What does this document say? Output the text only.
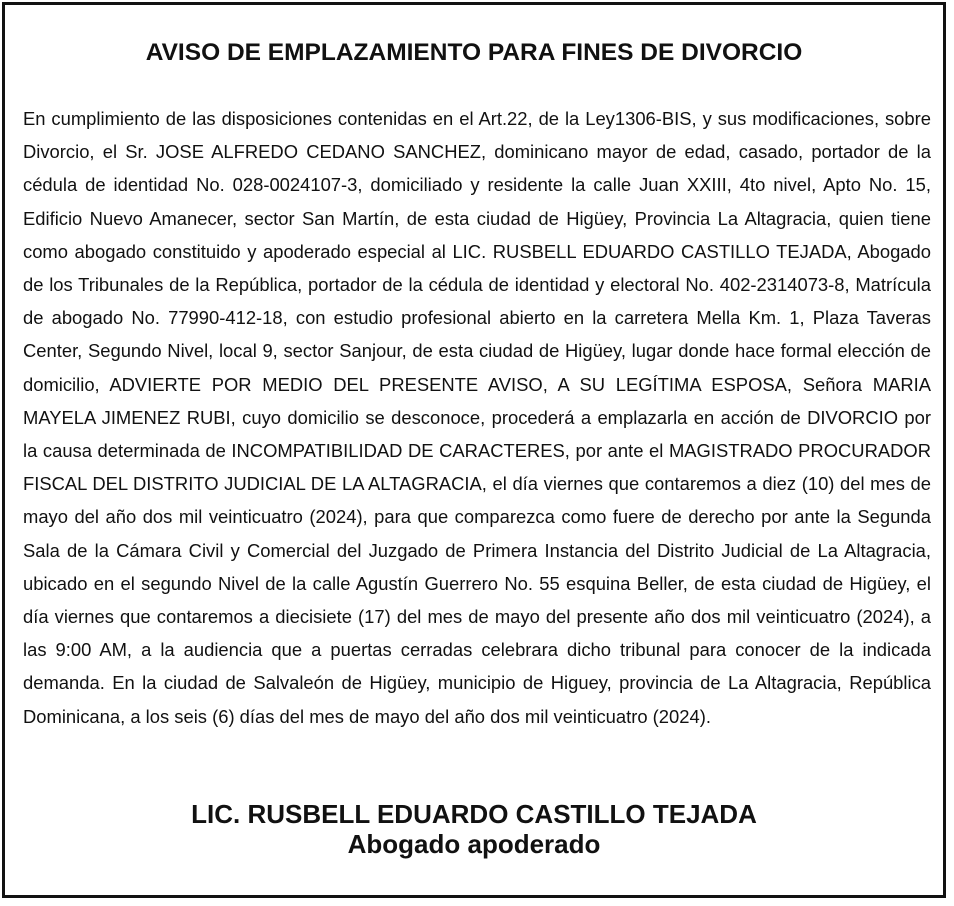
AVISO DE EMPLAZAMIENTO PARA FINES DE DIVORCIO

En cumplimiento de las disposiciones contenidas en el Art.22, de la Ley1306-BIS, y sus modificaciones, sobre Divorcio, el Sr. JOSE ALFREDO CEDANO SANCHEZ, dominicano mayor de edad, casado, portador de la cédula de identidad No. 028-0024107-3, domiciliado y residente la calle Juan XXIII, 4to nivel, Apto No. 15, Edificio Nuevo Amanecer, sector San Martín, de esta ciudad de Higüey, Provincia La Altagracia, quien tiene como abogado constituido y apoderado especial al LIC. RUSBELL EDUARDO CASTILLO TEJADA, Abogado de los Tribunales de la República, portador de la cédula de identidad y electoral No. 402-2314073-8, Matrícula de abogado No. 77990-412-18, con estudio profesional abierto en la carretera Mella Km. 1, Plaza Taveras Center, Segundo Nivel, local 9, sector Sanjour, de esta ciudad de Higüey, lugar donde hace formal elección de domicilio, ADVIERTE POR MEDIO DEL PRESENTE AVISO, A SU LEGÍTIMA ESPOSA, Señora MARIA MAYELA JIMENEZ RUBI, cuyo domicilio se desconoce, procederá a emplazarla en acción de DIVORCIO por la causa determinada de INCOMPATIBILIDAD DE CARACTERES, por ante el MAGISTRADO PROCURADOR FISCAL DEL DISTRITO JUDICIAL DE LA ALTAGRACIA, el día viernes que contaremos a diez (10) del mes de mayo del año dos mil veinticuatro (2024), para que comparezca como fuere de derecho por ante la Segunda Sala de la Cámara Civil y Comercial del Juzgado de Primera Instancia del Distrito Judicial de La Altagracia, ubicado en el segundo Nivel de la calle Agustín Guerrero No. 55 esquina Beller, de esta ciudad de Higüey, el día viernes que contaremos a diecisiete (17) del mes de mayo del presente año dos mil veinticuatro (2024), a las 9:00 AM, a la audiencia que a puertas cerradas celebrara dicho tribunal para conocer de la indicada demanda. En la ciudad de Salvaleón de Higüey, municipio de Higuey, provincia de La Altagracia, República Dominicana, a los seis (6) días del mes de mayo del año dos mil veinticuatro (2024).

LIC. RUSBELL EDUARDO CASTILLO TEJADA
Abogado apoderado
